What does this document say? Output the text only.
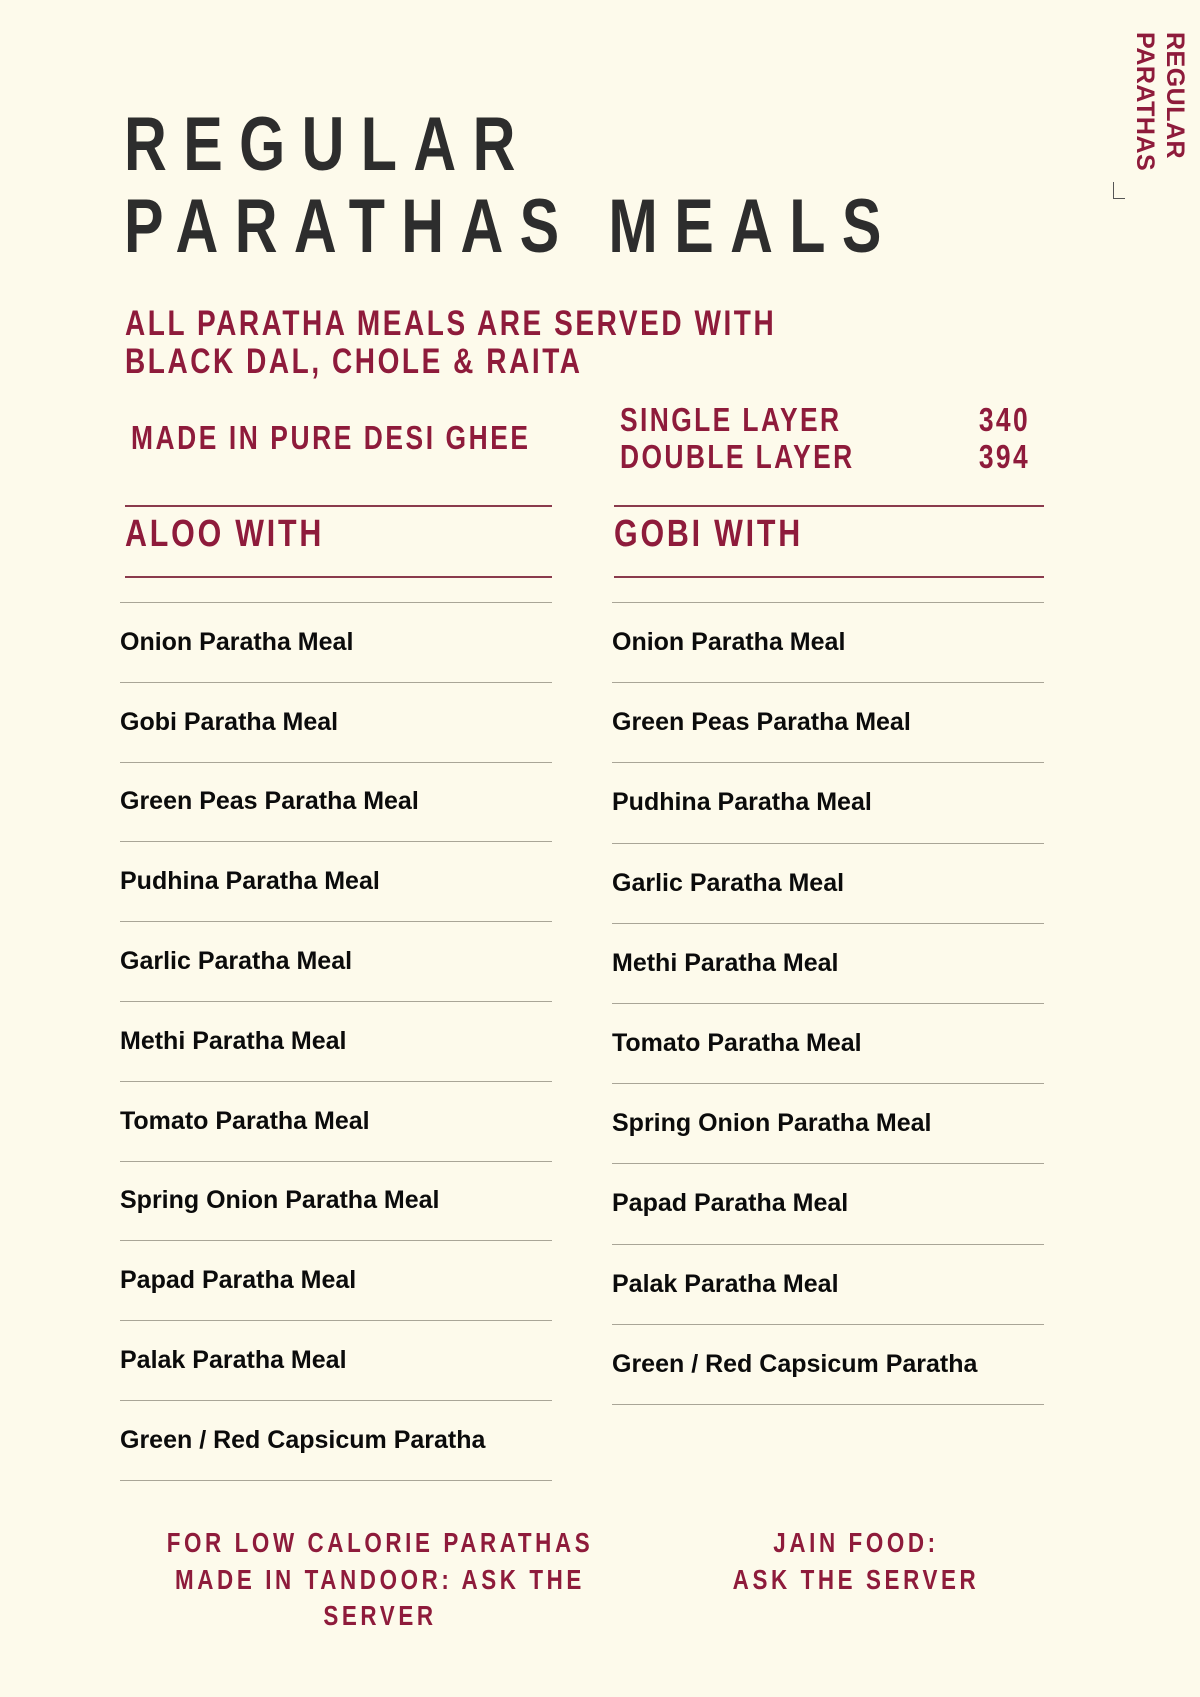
REGULAR
PARATHAS
REGULAR
PARATHAS MEALS
ALL PARATHA MEALS ARE SERVED WITH
BLACK DAL, CHOLE & RAITA
MADE IN PURE DESI GHEE	SINGLE LAYER	340
DOUBLE LAYER	394
ALOO WITH
Onion Paratha Meal
Gobi Paratha Meal
Green Peas Paratha Meal
Pudhina Paratha Meal
Garlic Paratha Meal
Methi Paratha Meal
Tomato Paratha Meal
Spring Onion Paratha Meal
Papad Paratha Meal
Palak Paratha Meal
Green / Red Capsicum Paratha
GOBI WITH
Onion Paratha Meal
Green Peas Paratha Meal
Pudhina Paratha Meal
Garlic Paratha Meal
Methi Paratha Meal
Tomato Paratha Meal
Spring Onion Paratha Meal
Papad Paratha Meal
Palak Paratha Meal
Green / Red Capsicum Paratha
FOR LOW CALORIE PARATHAS
MADE IN TANDOOR: ASK THE
SERVER
JAIN FOOD:
ASK THE SERVER
